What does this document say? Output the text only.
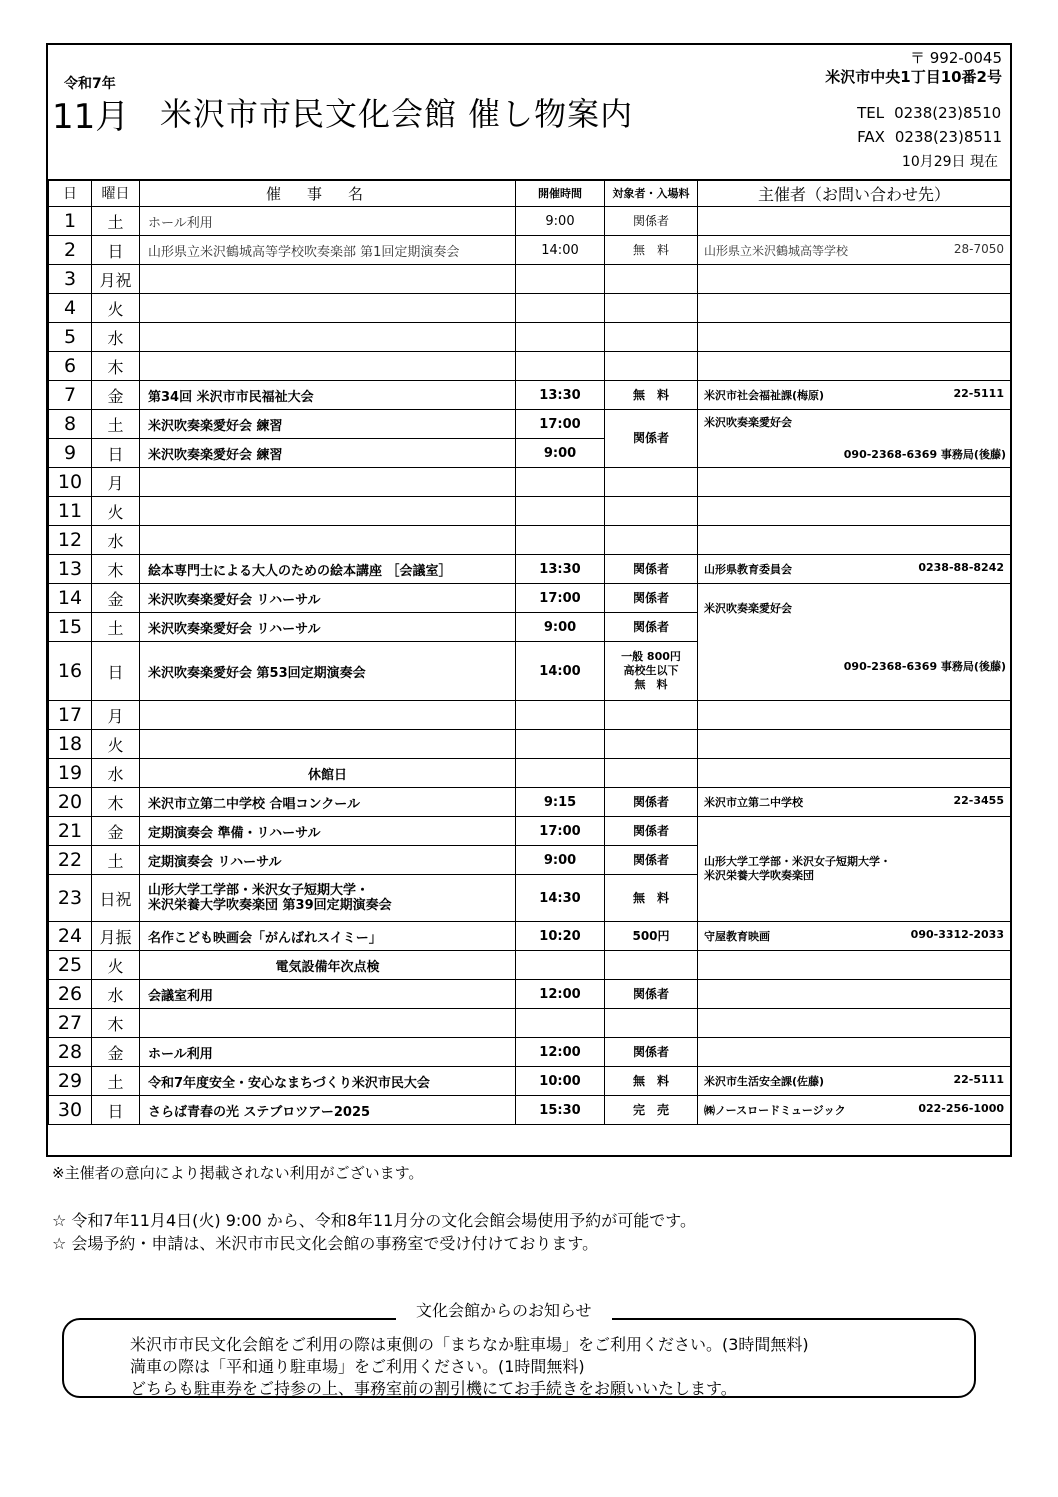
令和7年
11月 米沢市市民文化会館 催し物案内
〒 992-0045
米沢市中央1丁目10番2号
TEL 0238(23)8510
FAX 0238(23)8511
10月29日 現在
日	曜日	催事名	開催時間	対象者・入場料	主催者（お問い合わせ先）
1	土	ホール利用	9:00	関係者	
2	日	山形県立米沢鶴城高等学校吹奏楽部 第1回定期演奏会	14:00	無　料	山形県立米沢鶴城高等学校 28-7050

3	月祝				
4	火				
5	水				
6	木				
7	金	第34回 米沢市市民福祉大会	13:30	無　料	米沢市社会福祉課(梅原) 22-5111

8	土	米沢吹奏楽愛好会 練習	17:00	関係者	米沢吹奏楽愛好会
090-2368-6369 事務局(後藤)

9	日	米沢吹奏楽愛好会 練習	9:00		
10	月				
11	火				
12	水				
13	木	絵本専門士による大人のための絵本講座 ［会議室］	13:30	関係者	山形県教育委員会 0238-88-8242

14	金	米沢吹奏楽愛好会 リハーサル	17:00	関係者	米沢吹奏楽愛好会
090-2368-6369 事務局(後藤)

15	土	米沢吹奏楽愛好会 リハーサル	9:00	関係者	
16	日	米沢吹奏楽愛好会 第53回定期演奏会	14:00	一般 800円
高校生以下
無　料	

17	月				
18	火				
19	水	休館日			
20	木	米沢市立第二中学校 合唱コンクール	9:15	関係者	米沢市立第二中学校 22-3455

21	金	定期演奏会 準備・リハーサル	17:00	関係者	山形大学工学部・米沢女子短期大学・
米沢栄養大学吹奏楽団

22	土	定期演奏会 リハーサル	9:00	関係者	
23	日祝	山形大学工学部・米沢女子短期大学・
米沢栄養大学吹奏楽団 第39回定期演奏会	14:30	無　料	
24	月振	名作こども映画会「がんばれスイミー」	10:20	500円	守屋教育映画 090-3312-2033

25	火	電気設備年次点検			
26	水	会議室利用	12:00	関係者	
27	木				
28	金	ホール利用	12:00	関係者	
29	土	令和7年度安全・安心なまちづくり米沢市民大会	10:00	無　料	米沢市生活安全課(佐藤) 22-5111

30	日	さらば青春の光 ステブロツアー2025	15:30	完　売	㈱ノースロードミュージック 022-256-1000
※主催者の意向により掲載されない利用がございます。
☆ 令和7年11月4日(火) 9:00 から、令和8年11月分の文化会館会場使用予約が可能です。
☆ 会場予約・申請は、米沢市市民文化会館の事務室で受け付けております。
文化会館からのお知らせ
米沢市市民文化会館をご利用の際は東側の「まちなか駐車場」をご利用ください。(3時間無料)
満車の際は「平和通り駐車場」をご利用ください。(1時間無料)
どちらも駐車券をご持参の上、事務室前の割引機にてお手続きをお願いいたします。
